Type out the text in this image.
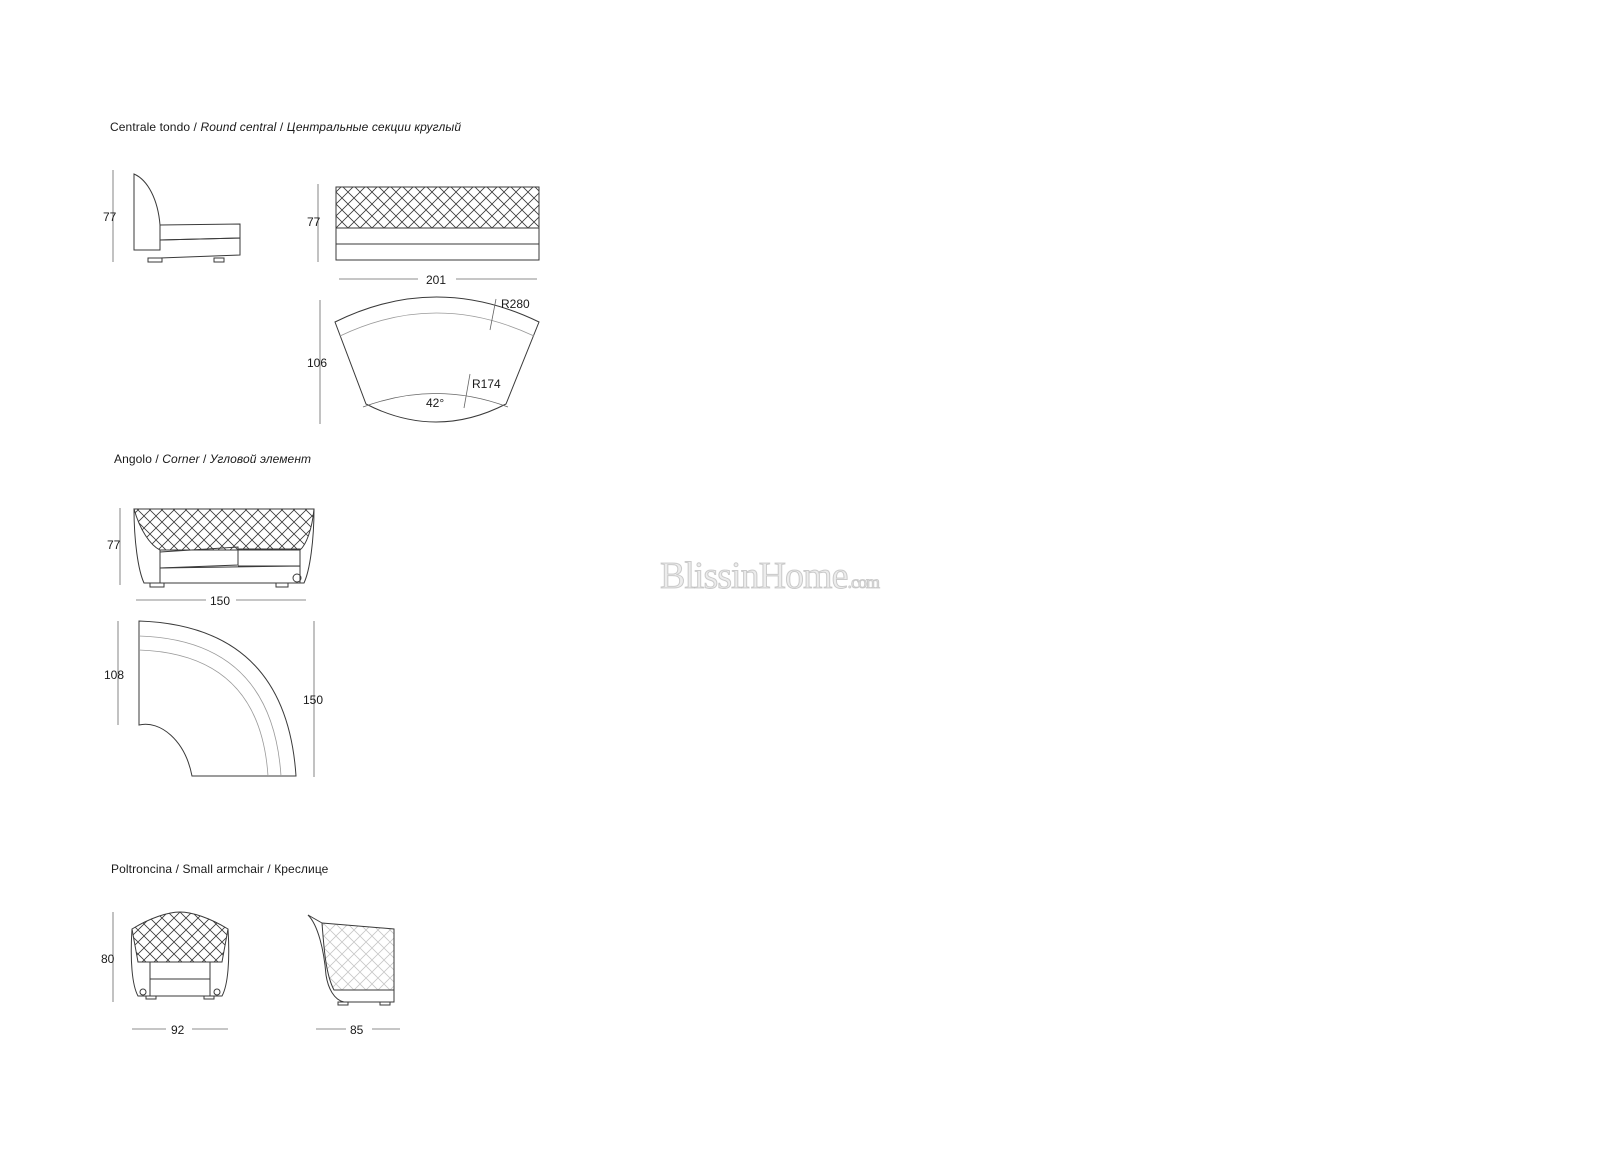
Centrale tondo / Round central / Центральные секции круглый
Angolo / Corner / Угловой элемент
Poltroncina / Small armchair / Креслице
77	77
201
106
R280
R174
42°
77
150
108
150
80
92	85
BlissinHome.com
